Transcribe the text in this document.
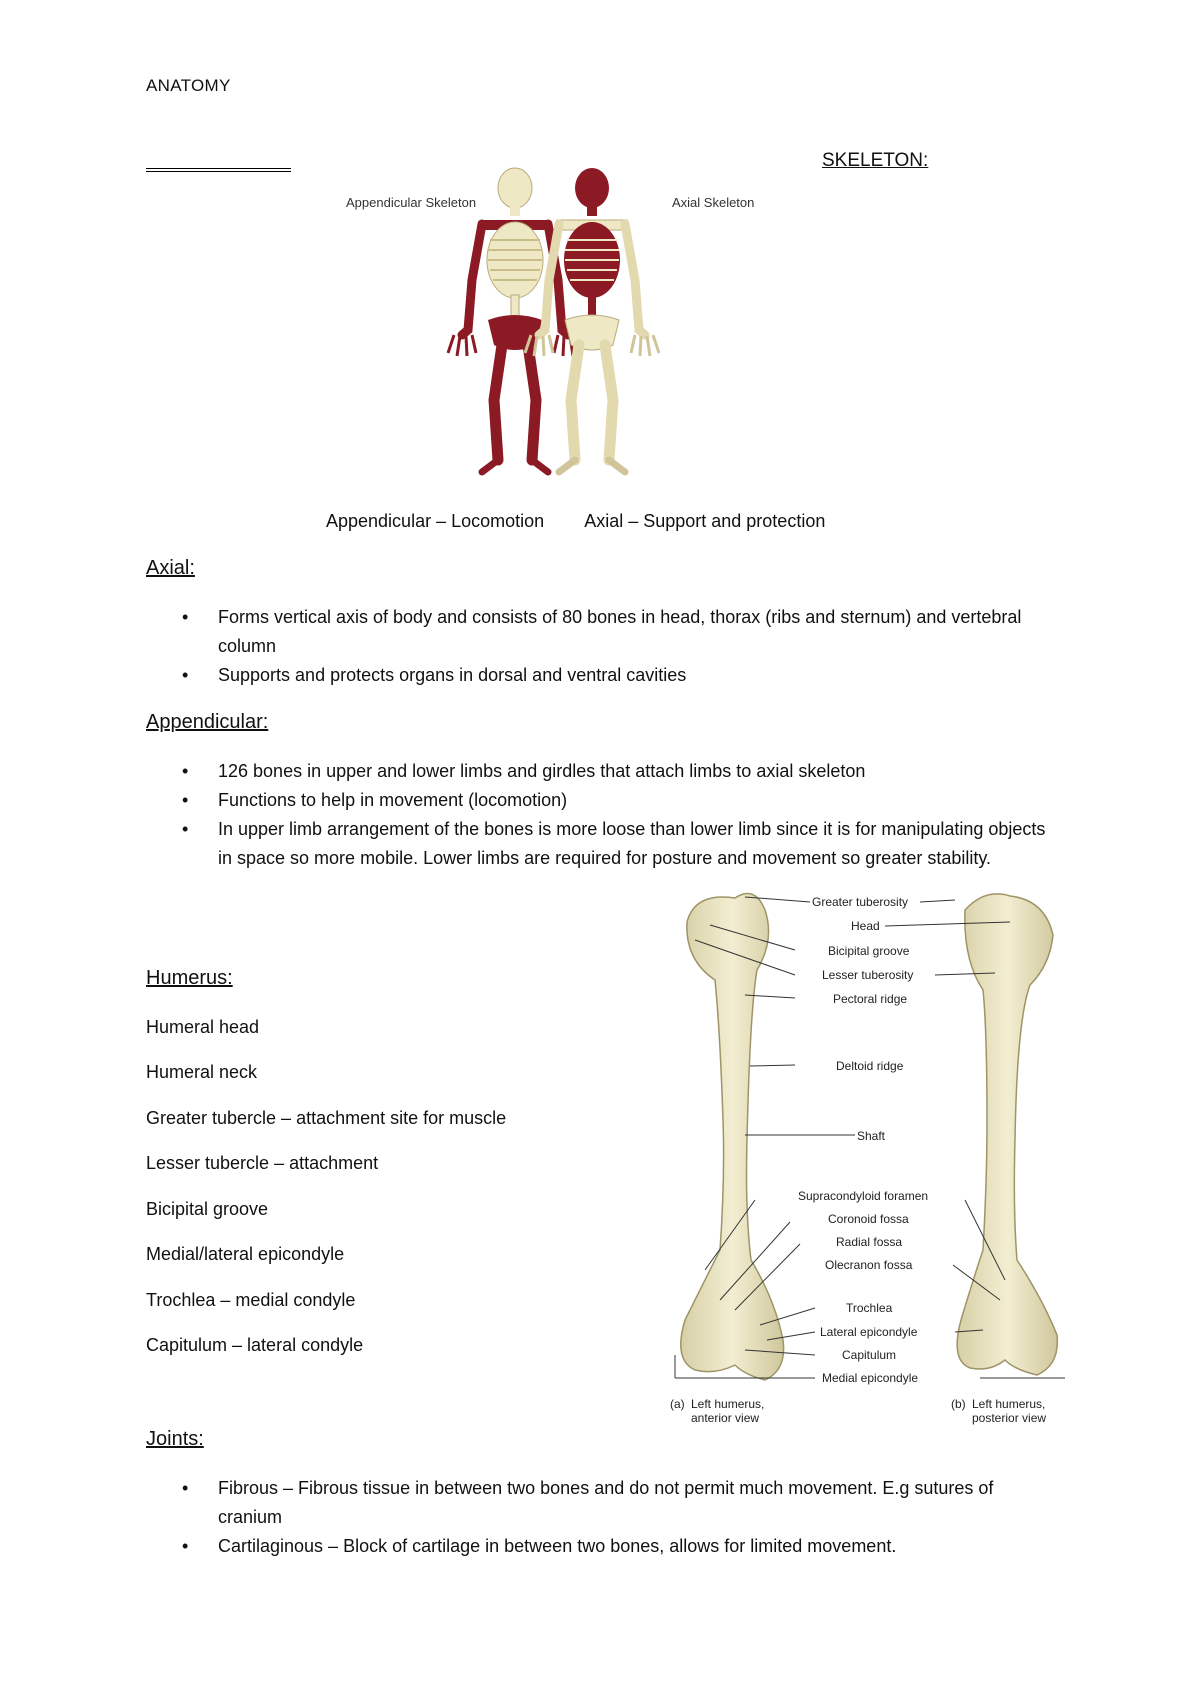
ANATOMY
SKELETON:
Appendicular Skeleton	Axial Skeleton
Appendicular – Locomotion Axial – Support and protection
Axial:
• Forms vertical axis of body and consists of 80 bones in head, thorax (ribs and sternum) and vertebral column
• Supports and protects organs in dorsal and ventral cavities
Appendicular:
• 126 bones in upper and lower limbs and girdles that attach limbs to axial skeleton
• Functions to help in movement (locomotion)
• In upper limb arrangement of the bones is more loose than lower limb since it is for manipulating objects in space so more mobile. Lower limbs are required for posture and movement so greater stability.
Humerus:
Humeral head
Humeral neck
Greater tubercle – attachment site for muscle
Lesser tubercle – attachment
Bicipital groove
Medial/lateral epicondyle
Trochlea – medial condyle
Capitulum – lateral condyle
Greater tuberosity
Head
Bicipital groove
Lesser tuberosity
Pectoral ridge
Deltoid ridge
Shaft
Supracondyloid foramen
Coronoid fossa
Radial fossa
Olecranon fossa
Trochlea
Lateral epicondyle
Capitulum
Medial epicondyle
(a) Left humerus,
anterior view
(b) Left humerus,
posterior view
Joints:
• Fibrous – Fibrous tissue in between two bones and do not permit much movement. E.g sutures of cranium
• Cartilaginous – Block of cartilage in between two bones, allows for limited movement.
